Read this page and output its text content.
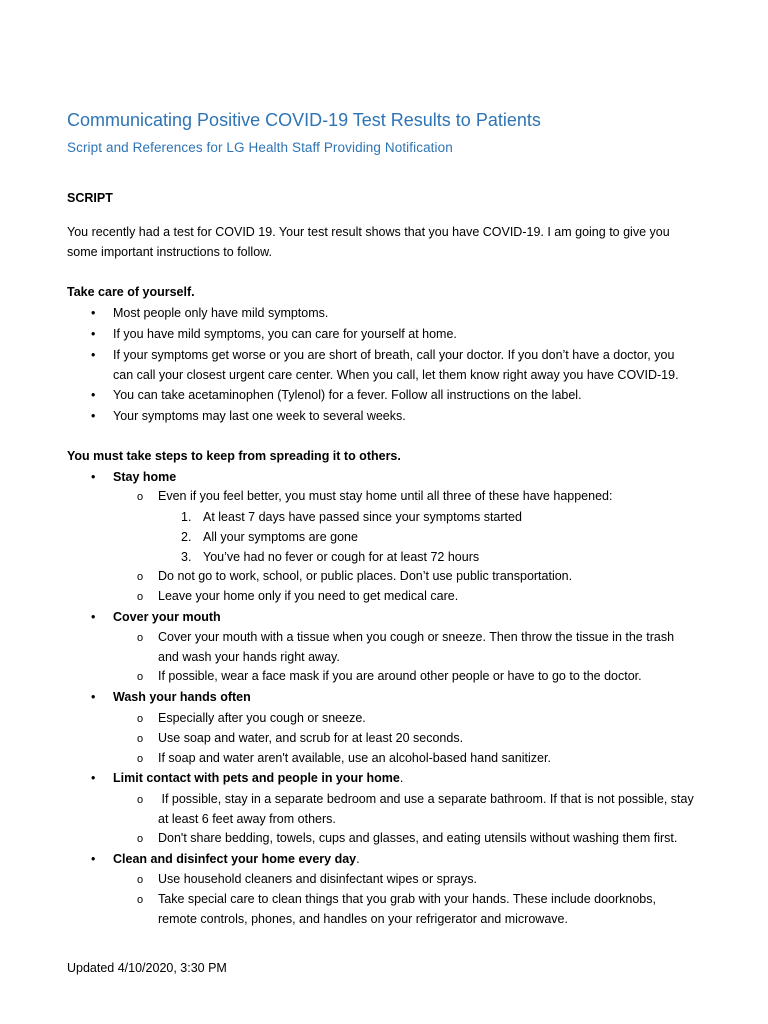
Communicating Positive COVID-19 Test Results to Patients
Script and References for LG Health Staff Providing Notification
SCRIPT
You recently had a test for COVID 19. Your test result shows that you have COVID-19. I am going to give you
some important instructions to follow.
Take care of yourself.
• Most people only have mild symptoms.
• If you have mild symptoms, you can care for yourself at home.
• If your symptoms get worse or you are short of breath, call your doctor. If you don’t have a doctor, you
can call your closest urgent care center. When you call, let them know right away you have COVID-19.
• You can take acetaminophen (Tylenol) for a fever. Follow all instructions on the label.
• Your symptoms may last one week to several weeks.
You must take steps to keep from spreading it to others.
• Stay home
o Even if you feel better, you must stay home until all three of these have happened:
1. At least 7 days have passed since your symptoms started
2. All your symptoms are gone
3. You’ve had no fever or cough for at least 72 hours
o Do not go to work, school, or public places. Don’t use public transportation.
o Leave your home only if you need to get medical care.
• Cover your mouth
o Cover your mouth with a tissue when you cough or sneeze. Then throw the tissue in the trash
and wash your hands right away.
o If possible, wear a face mask if you are around other people or have to go to the doctor.
• Wash your hands often
o Especially after you cough or sneeze.
o Use soap and water, and scrub for at least 20 seconds.
o If soap and water aren't available, use an alcohol-based hand sanitizer.
• Limit contact with pets and people in your home.
o If possible, stay in a separate bedroom and use a separate bathroom. If that is not possible, stay
at least 6 feet away from others.
o Don't share bedding, towels, cups and glasses, and eating utensils without washing them first.
• Clean and disinfect your home every day.
o Use household cleaners and disinfectant wipes or sprays.
o Take special care to clean things that you grab with your hands. These include doorknobs,
remote controls, phones, and handles on your refrigerator and microwave.
Updated 4/10/2020, 3:30 PM
